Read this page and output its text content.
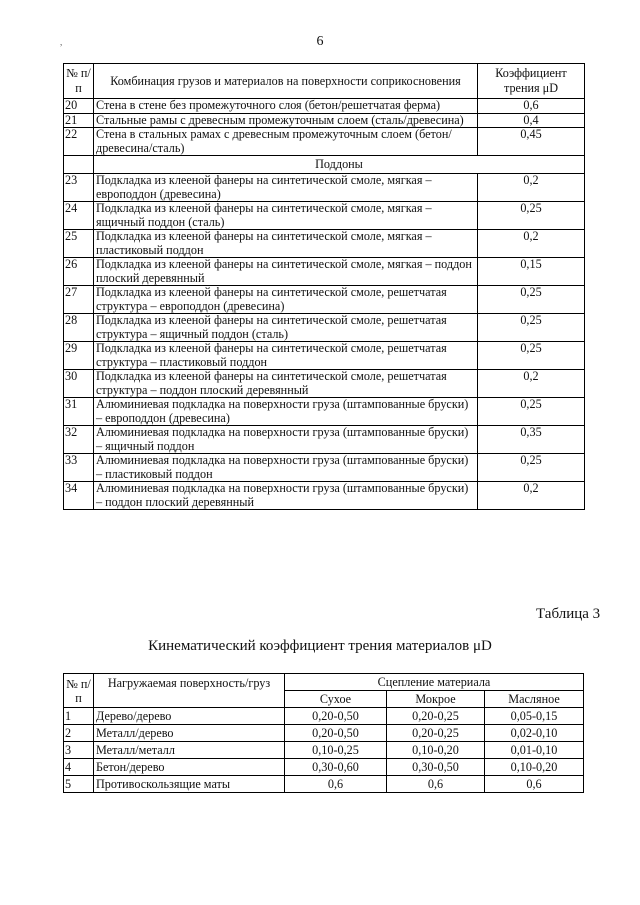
,	6
№ п/п	Комбинация грузов и материалов на поверхности соприкосновения	Коэффициент трения μD
20	Стена в стене без промежуточного слоя (бетон/решетчатая ферма)	0,6
21	Стальные рамы с древесным промежуточным слоем (сталь/древесина)	0,4
22	Стена в стальных рамах с древесным промежуточным слоем (бетон/древесина/сталь)	0,45
	Поддоны	
23	Подкладка из клееной фанеры на синтетической смоле, мягкая – европоддон (древесина)	0,2
24	Подкладка из клееной фанеры на синтетической смоле, мягкая – ящичный поддон (сталь)	0,25
25	Подкладка из клееной фанеры на синтетической смоле, мягкая – пластиковый поддон	0,2
26	Подкладка из клееной фанеры на синтетической смоле, мягкая – поддон плоский деревянный	0,15
27	Подкладка из клееной фанеры на синтетической смоле, решетчатая структура – европоддон (древесина)	0,25
28	Подкладка из клееной фанеры на синтетической смоле, решетчатая структура – ящичный поддон (сталь)	0,25
29	Подкладка из клееной фанеры на синтетической смоле, решетчатая структура – пластиковый поддон	0,25
30	Подкладка из клееной фанеры на синтетической смоле, решетчатая структура – поддон плоский деревянный	0,2
31	Алюминиевая подкладка на поверхности груза (штампованные бруски) – европоддон (древесина)	0,25
32	Алюминиевая подкладка на поверхности груза (штампованные бруски) – ящичный поддон	0,35
33	Алюминиевая подкладка на поверхности груза (штампованные бруски) – пластиковый поддон	0,25
34	Алюминиевая подкладка на поверхности груза (штампованные бруски) – поддон плоский деревянный	0,2
Таблица 3
Кинематический коэффициент трения материалов μD
№ п/п	Нагружаемая поверхность/груз	Сцепление материала		
		Сухое	Мокрое	Масляное
1	Дерево/дерево	0,20-0,50	0,20-0,25	0,05-0,15
2	Металл/дерево	0,20-0,50	0,20-0,25	0,02-0,10
3	Металл/металл	0,10-0,25	0,10-0,20	0,01-0,10
4	Бетон/дерево	0,30-0,60	0,30-0,50	0,10-0,20
5	Противоскользящие маты	0,6	0,6	0,6
